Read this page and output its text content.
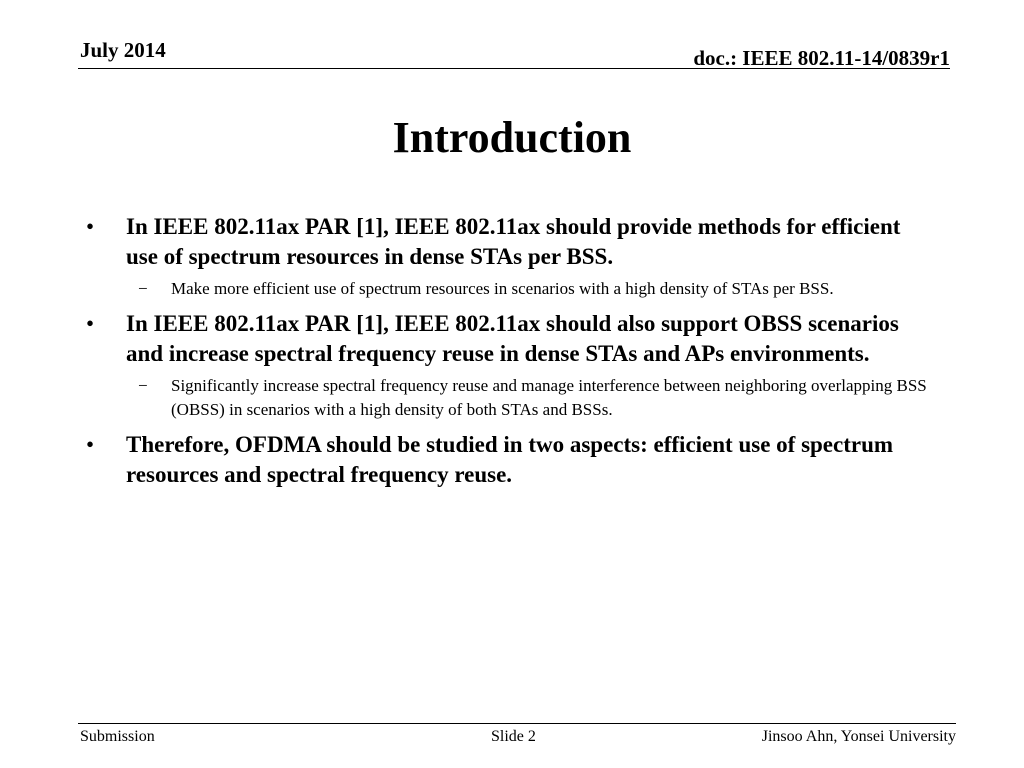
July 2014	doc.: IEEE 802.11-14/0839r1
Introduction
• In IEEE 802.11ax PAR [1], IEEE 802.11ax should provide methods for efficient use of spectrum resources in dense STAs per BSS.
− Make more efficient use of spectrum resources in scenarios with a high density of STAs per BSS.
• In IEEE 802.11ax PAR [1], IEEE 802.11ax should also support OBSS scenarios and increase spectral frequency reuse in dense STAs and APs environments.
− Significantly increase spectral frequency reuse and manage interference between neighboring overlapping BSS (OBSS) in scenarios with a high density of both STAs and BSSs.
• Therefore, OFDMA should be studied in two aspects: efficient use of spectrum resources and spectral frequency reuse.
Submission	Slide 2	Jinsoo Ahn, Yonsei University
